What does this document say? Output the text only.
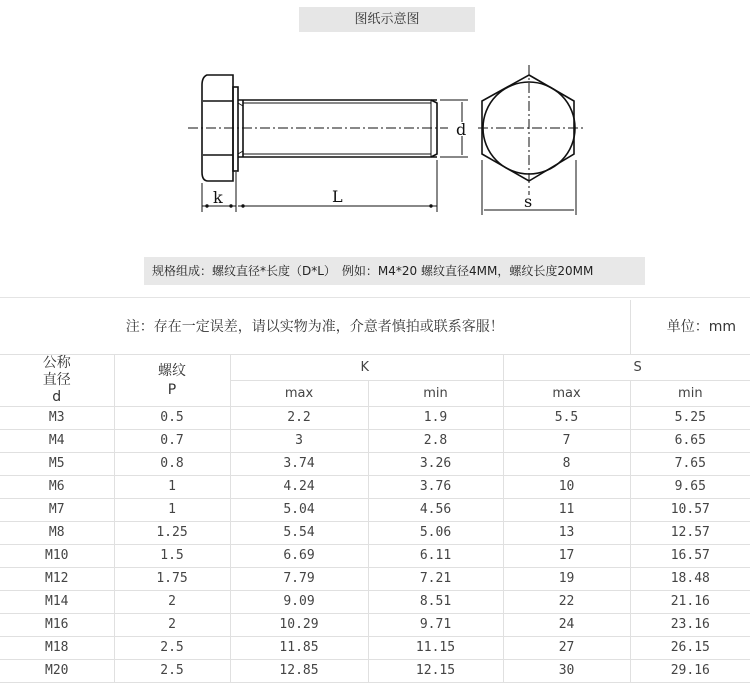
图纸示意图
k	L
d
s
规格组成：螺纹直径*长度（D*L）　例如：M4*20 螺纹直径4MM，螺纹长度20MM
注：存在一定误差，请以实物为准，介意者慎拍或联系客服！					单位：mm

公称
直径
d

螺纹
P
	K	S
		max	min	max	min
M3	0.5	2.2	1.9	5.5	5.25
M4	0.7	3	2.8	7	6.65
M5	0.8	3.74	3.26	8	7.65
M6	1	4.24	3.76	10	9.65
M7	1	5.04	4.56	11	10.57
M8	1.25	5.54	5.06	13	12.57
M10	1.5	6.69	6.11	17	16.57
M12	1.75	7.79	7.21	19	18.48
M14	2	9.09	8.51	22	21.16
M16	2	10.29	9.71	24	23.16
M18	2.5	11.85	11.15	27	26.15
M20	2.5	12.85	12.15	30	29.16
